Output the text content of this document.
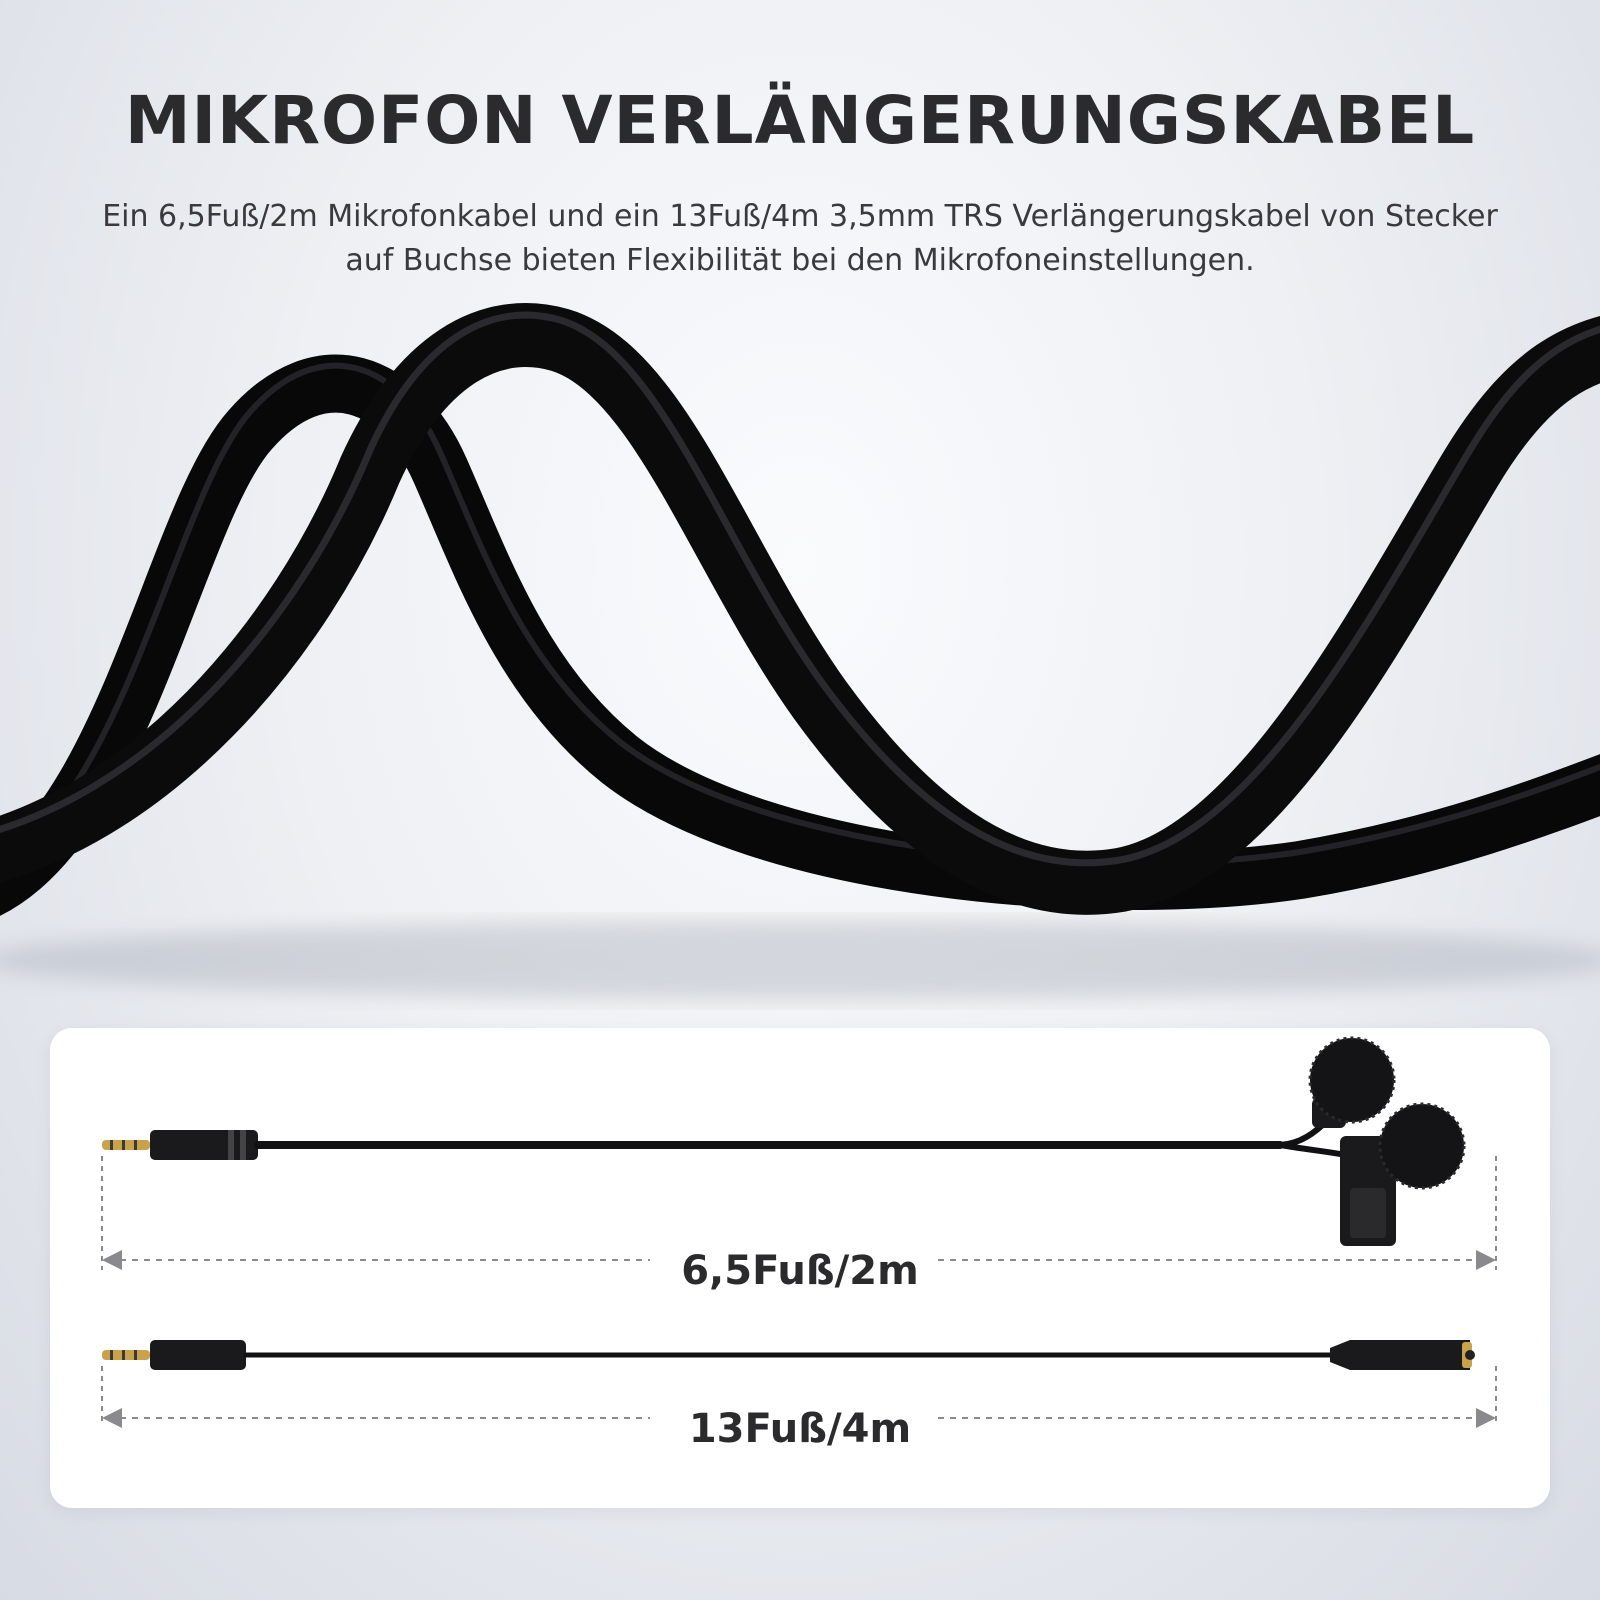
MIKROFON VERLÄNGERUNGSKABEL

Ein 6,5Fuß/2m Mikrofonkabel und ein 13Fuß/4m 3,5mm TRS Verlängerungskabel von Stecker auf Buchse bieten Flexibilität bei den Mikrofoneinstellungen.

6,5Fuß/2m
13Fuß/4m
